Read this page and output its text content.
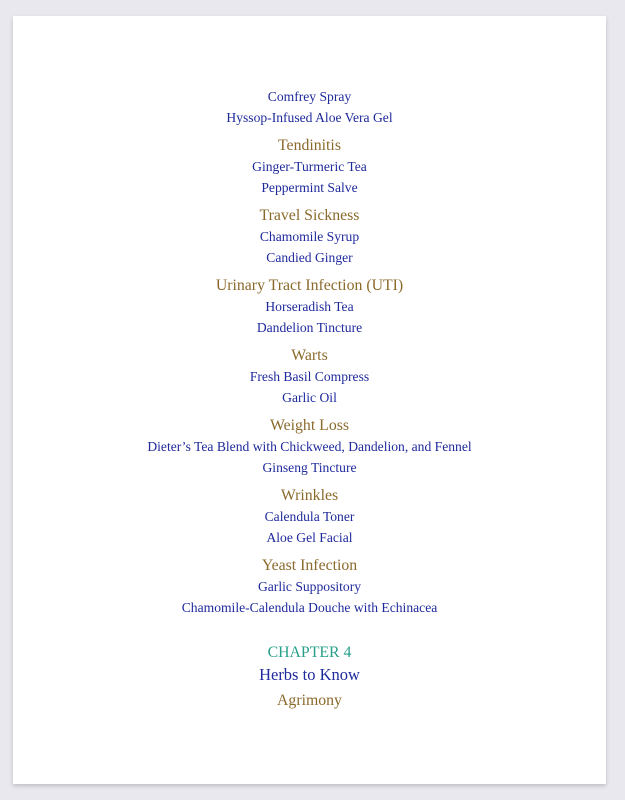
Comfrey Spray

Hyssop-Infused Aloe Vera Gel

Tendinitis

Ginger-Turmeric Tea

Peppermint Salve

Travel Sickness

Chamomile Syrup

Candied Ginger

Urinary Tract Infection (UTI)

Horseradish Tea

Dandelion Tincture

Warts

Fresh Basil Compress

Garlic Oil

Weight Loss

Dieter’s Tea Blend with Chickweed, Dandelion, and Fennel

Ginseng Tincture

Wrinkles

Calendula Toner

Aloe Gel Facial

Yeast Infection

Garlic Suppository

Chamomile-Calendula Douche with Echinacea

CHAPTER 4

Herbs to Know

Agrimony
